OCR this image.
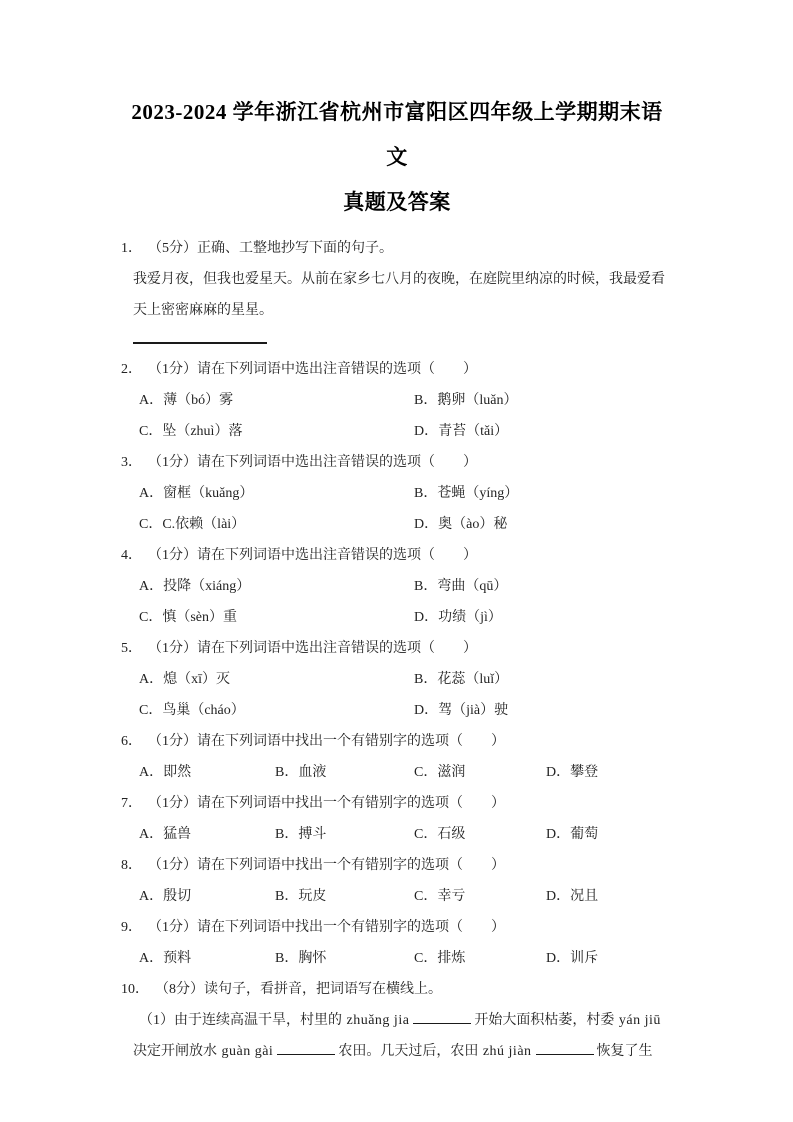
2023-2024 学年浙江省杭州市富阳区四年级上学期期末语文
真题及答案
1． （5分）正确、工整地抄写下面的句子。
我爱月夜，但我也爱星天。从前在家乡七八月的夜晚，在庭院里纳凉的时候，我最爱看
天上密密麻麻的星星。
2． （1分）请在下列词语中选出注音错误的选项（　　）
A．薄（bó）雾	B．鹅卵（luǎn）
C．坠（zhuì）落	D．青苔（tǎi）
3． （1分）请在下列词语中选出注音错误的选项（　　）
A．窗框（kuǎng）	B．苍蝇（yíng）
C．C.依赖（lài）	D．奥（ào）秘
4． （1分）请在下列词语中选出注音错误的选项（　　）
A．投降（xiáng）	B．弯曲（qū）
C．慎（sèn）重	D．功绩（jì）
5． （1分）请在下列词语中选出注音错误的选项（　　）
A．熄（xī）灭	B．花蕊（luǐ）
C．鸟巢（cháo）	D．驾（jià）驶
6． （1分）请在下列词语中找出一个有错别字的选项（　　）
A．即然	B．血液	C．滋润	D．攀登
7． （1分）请在下列词语中找出一个有错别字的选项（　　）
A．猛兽	B．搏斗	C．石级	D．葡萄
8． （1分）请在下列词语中找出一个有错别字的选项（　　）
A．殷切	B．玩皮	C．幸亏	D．况且
9． （1分）请在下列词语中找出一个有错别字的选项（　　）
A．预料	B．胸怀	C．排炼	D．训斥
10． （8分）读句子，看拼音，把词语写在横线上。
（1）由于连续高温干旱，村里的 zhuǎng jia	开始大面积枯萎，村委 yán jiū
决定开闸放水 guàn gài	农田。几天过后，农田 zhú jiàn	恢复了生
